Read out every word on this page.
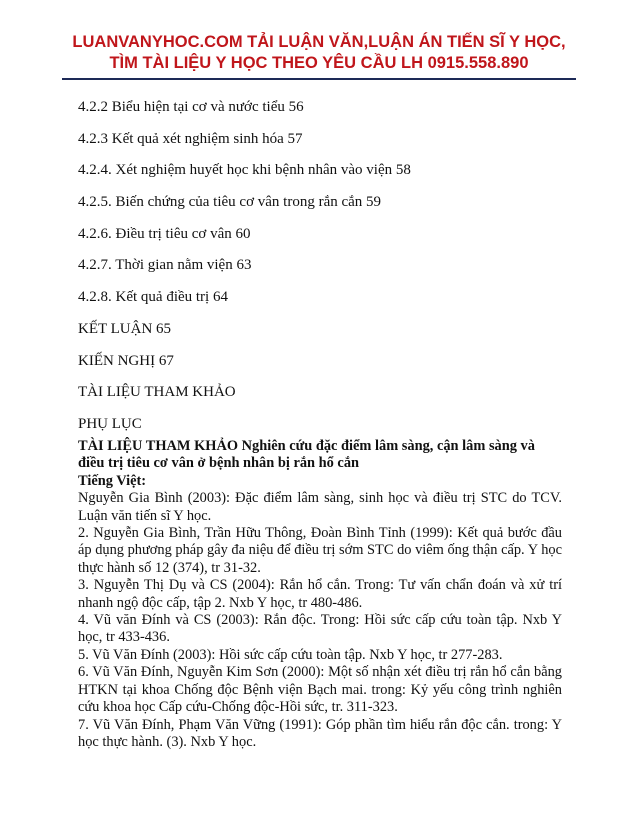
LUANVANYHOC.COM TẢI LUẬN VĂN,LUẬN ÁN TIẾN SĨ Y HỌC,
TÌM TÀI LIỆU Y HỌC THEO YÊU CẦU LH 0915.558.890
4.2.2 Biểu hiện tại cơ và nước tiểu 56
4.2.3 Kết quả xét nghiệm sinh hóa 57
4.2.4. Xét nghiệm huyết học khi bệnh nhân vào viện 58
4.2.5. Biến chứng của tiêu cơ vân trong rắn cắn 59
4.2.6. Điều trị tiêu cơ vân 60
4.2.7. Thời gian nằm viện 63
4.2.8. Kết quả điều trị 64
KẾT LUẬN 65
KIẾN NGHỊ 67
TÀI LIỆU THAM KHẢO
PHỤ LỤC
TÀI LIỆU THAM KHẢO Nghiên cứu đặc điểm lâm sàng, cận lâm sàng và điều trị tiêu cơ vân ở bệnh nhân bị rắn hổ cắn
Tiếng Việt:
Nguyễn Gia Bình (2003): Đặc điểm lâm sàng, sinh học và điều trị STC do TCV. Luận văn tiến sĩ Y học.
2. Nguyễn Gia Bình, Trần Hữu Thông, Đoàn Bình Tỉnh (1999): Kết quả bước đầu áp dụng phương pháp gây đa niệu để điều trị sớm STC do viêm ống thận cấp. Y học thực hành số 12 (374), tr 31-32.
3. Nguyễn Thị Dụ và CS (2004): Rắn hổ cắn. Trong: Tư vấn chẩn đoán và xử trí nhanh ngộ độc cấp, tập 2. Nxb Y học, tr 480-486.
4. Vũ văn Đính và CS (2003): Rắn độc. Trong: Hồi sức cấp cứu toàn tập. Nxb Y học, tr 433-436.
5. Vũ Văn Đính (2003): Hồi sức cấp cứu toàn tập. Nxb Y học, tr 277-283.
6. Vũ Văn Đính, Nguyễn Kim Sơn (2000): Một số nhận xét điều trị rắn hổ cắn bằng HTKN tại khoa Chống độc Bệnh viện Bạch mai. trong: Kỷ yếu công trình nghiên cứu khoa học Cấp cứu-Chống độc-Hồi sức, tr. 311-323.
7. Vũ Văn Đính, Phạm Văn Vững (1991): Góp phần tìm hiểu rắn độc cắn. trong: Y học thực hành. (3). Nxb Y học.
